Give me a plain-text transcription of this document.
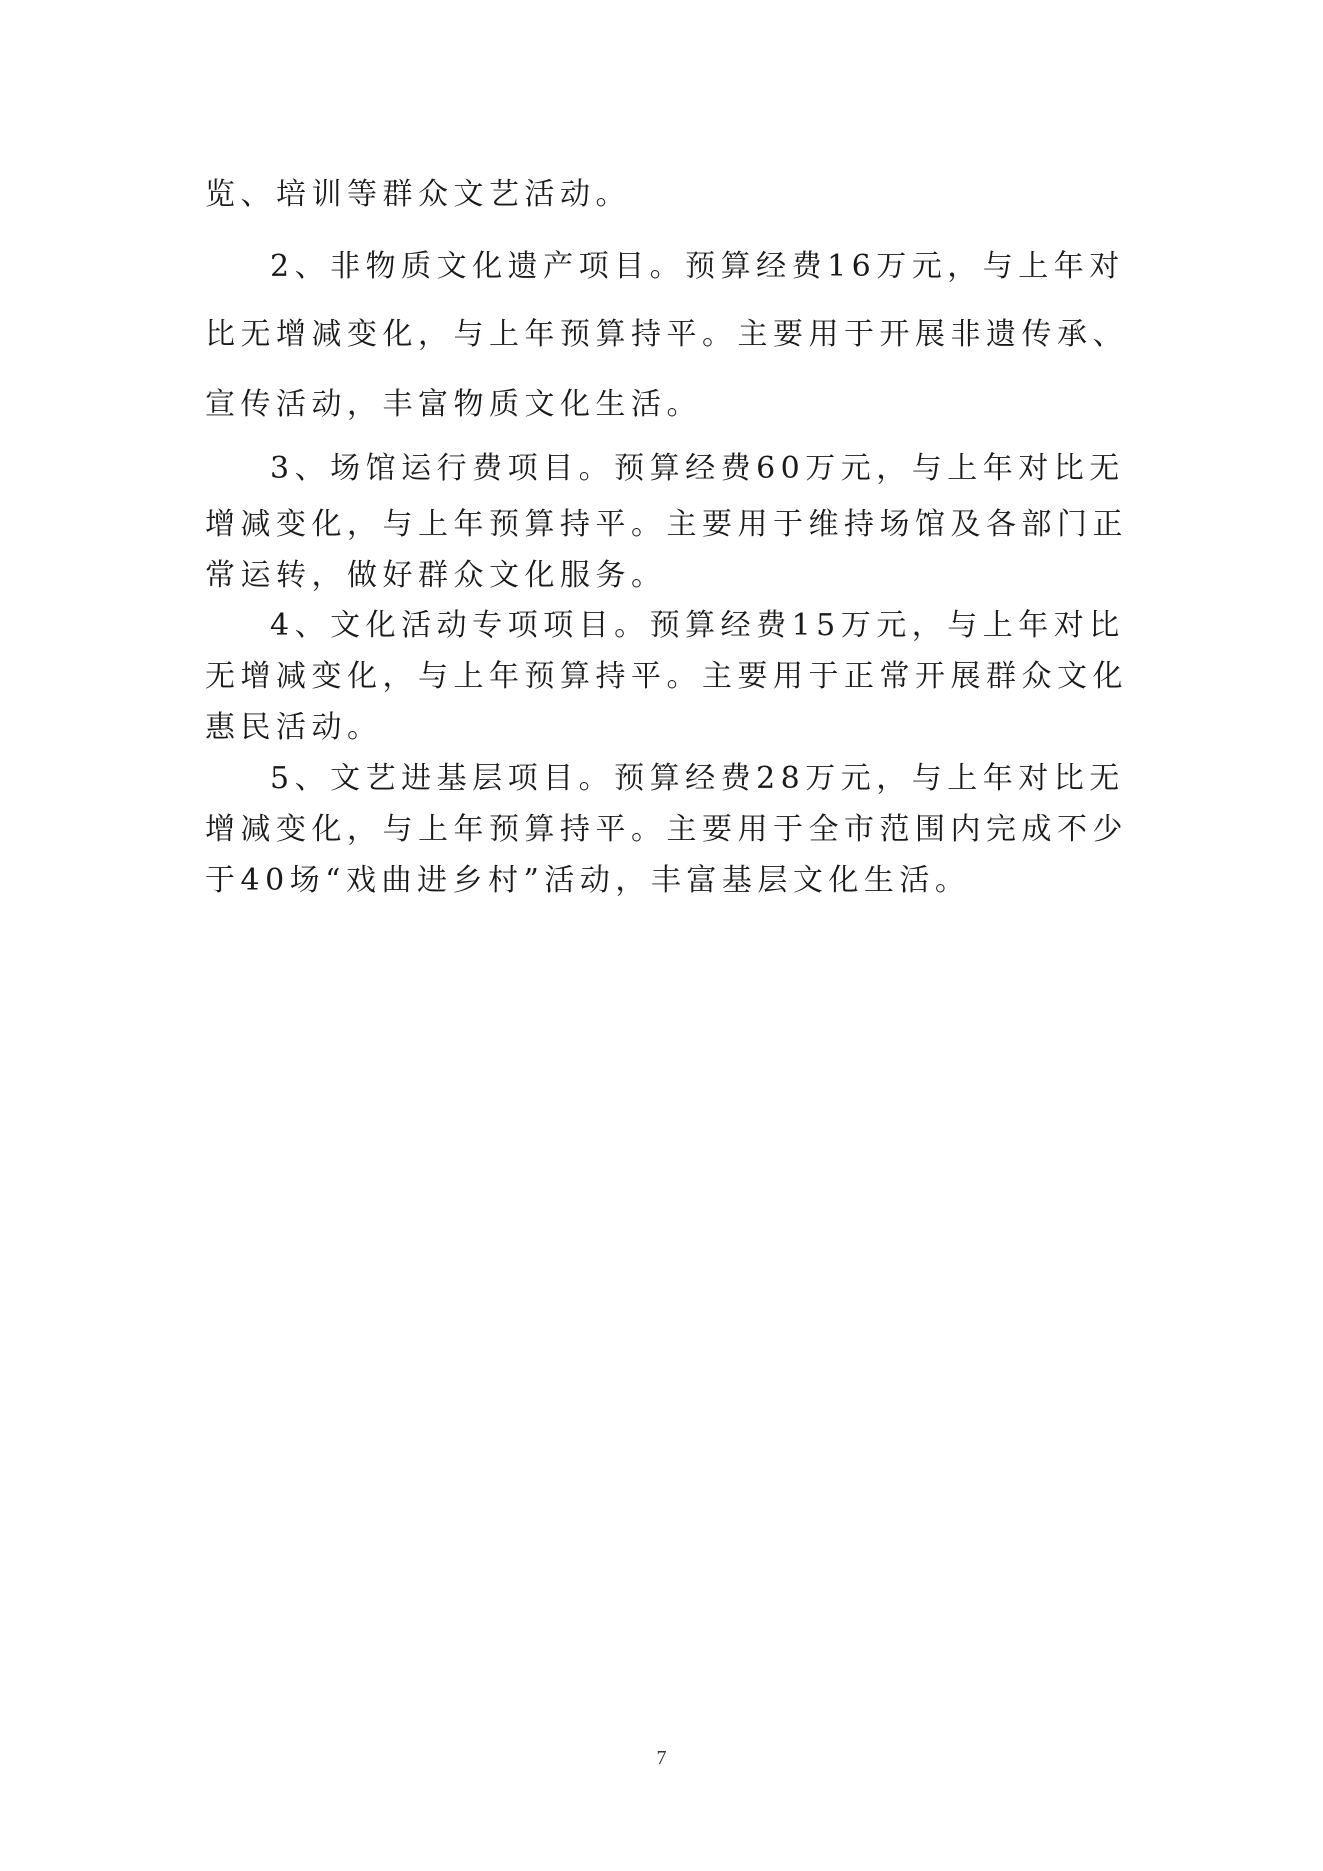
览、培训等群众文艺活动。
2、非物质文化遗产项目。预算经费16万元，与上年对
比无增减变化，与上年预算持平。主要用于开展非遗传承、
宣传活动，丰富物质文化生活。
3、场馆运行费项目。预算经费60万元，与上年对比无
增减变化，与上年预算持平。主要用于维持场馆及各部门正
常运转，做好群众文化服务。
4、文化活动专项项目。预算经费15万元，与上年对比
无增减变化，与上年预算持平。主要用于正常开展群众文化
惠民活动。
5、文艺进基层项目。预算经费28万元，与上年对比无
增减变化，与上年预算持平。主要用于全市范围内完成不少
于40场“戏曲进乡村”活动，丰富基层文化生活。
7
